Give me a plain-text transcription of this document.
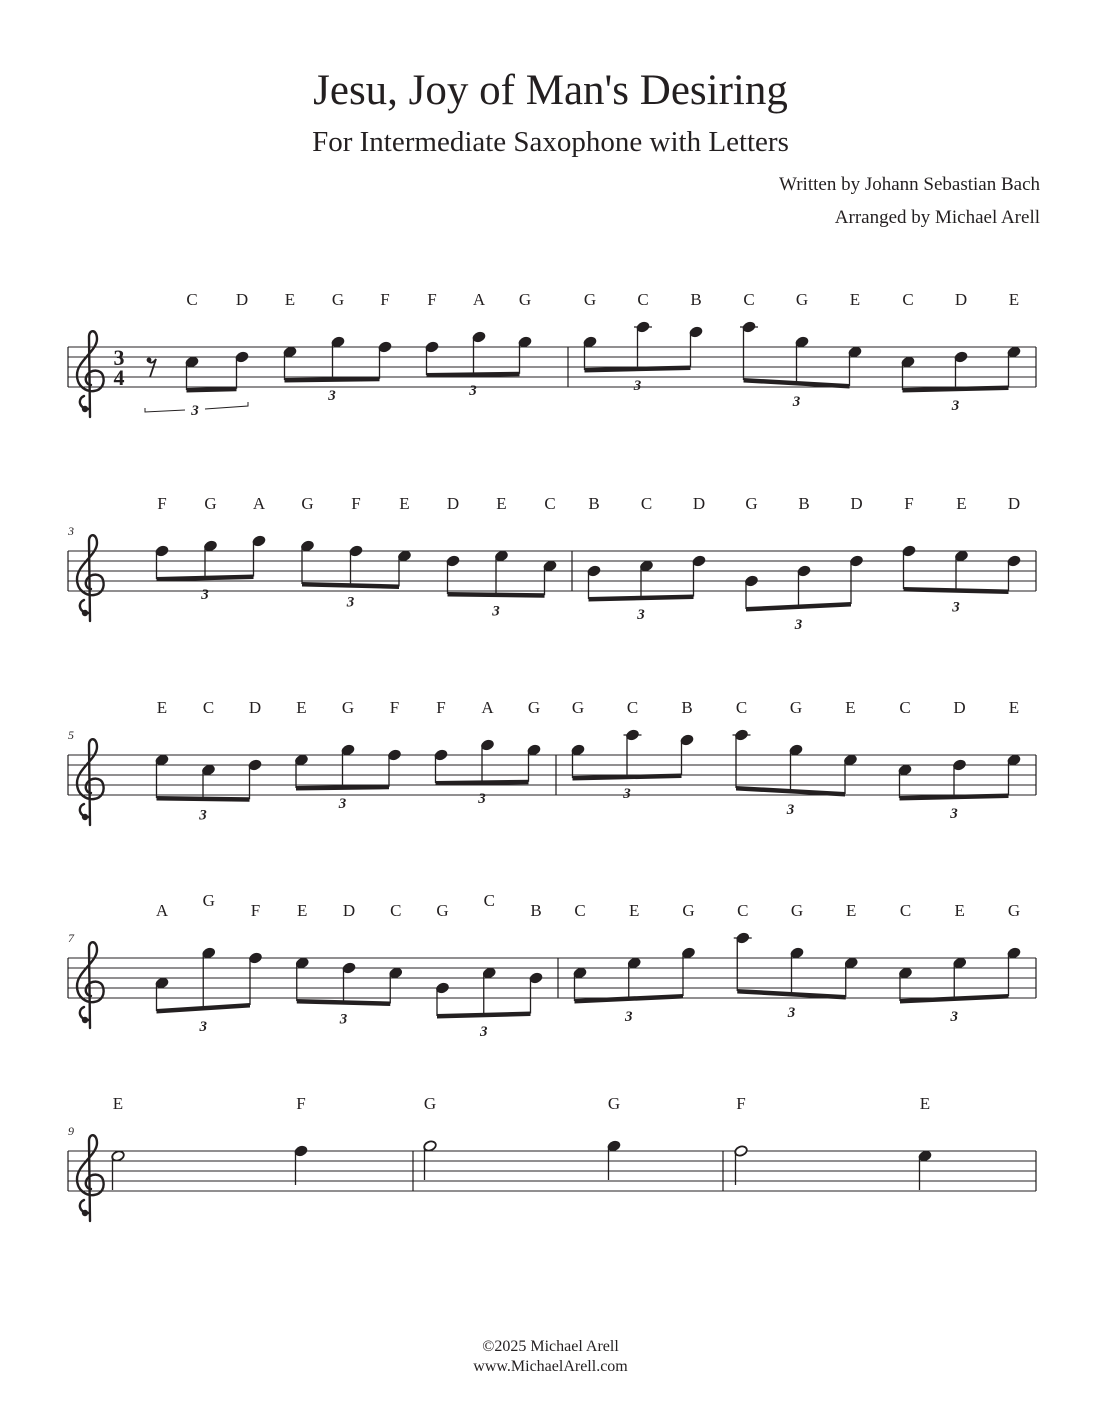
Jesu, Joy of Man's Desiring
For Intermediate Saxophone with Letters
Written by Johann Sebastian Bach
Arranged by Michael Arell
3
4
C D E G F F A G
3
3	3
G C B C G E C D E
3
3	3
3
F G A G F E D E C
3	3
3
B C D G B D F	E D
3
3
3
5
E C D E G F F A G
3
3	3
G	C	B	C	G	E	C	D	E
3
3	3
7
A
G
F E D C G
C
B
3	3
3
C	E	G C G	E	C	E	G
3	3	3
9
E	F	G	G	F	E
©2025 Michael Arell
www.MichaelArell.com
